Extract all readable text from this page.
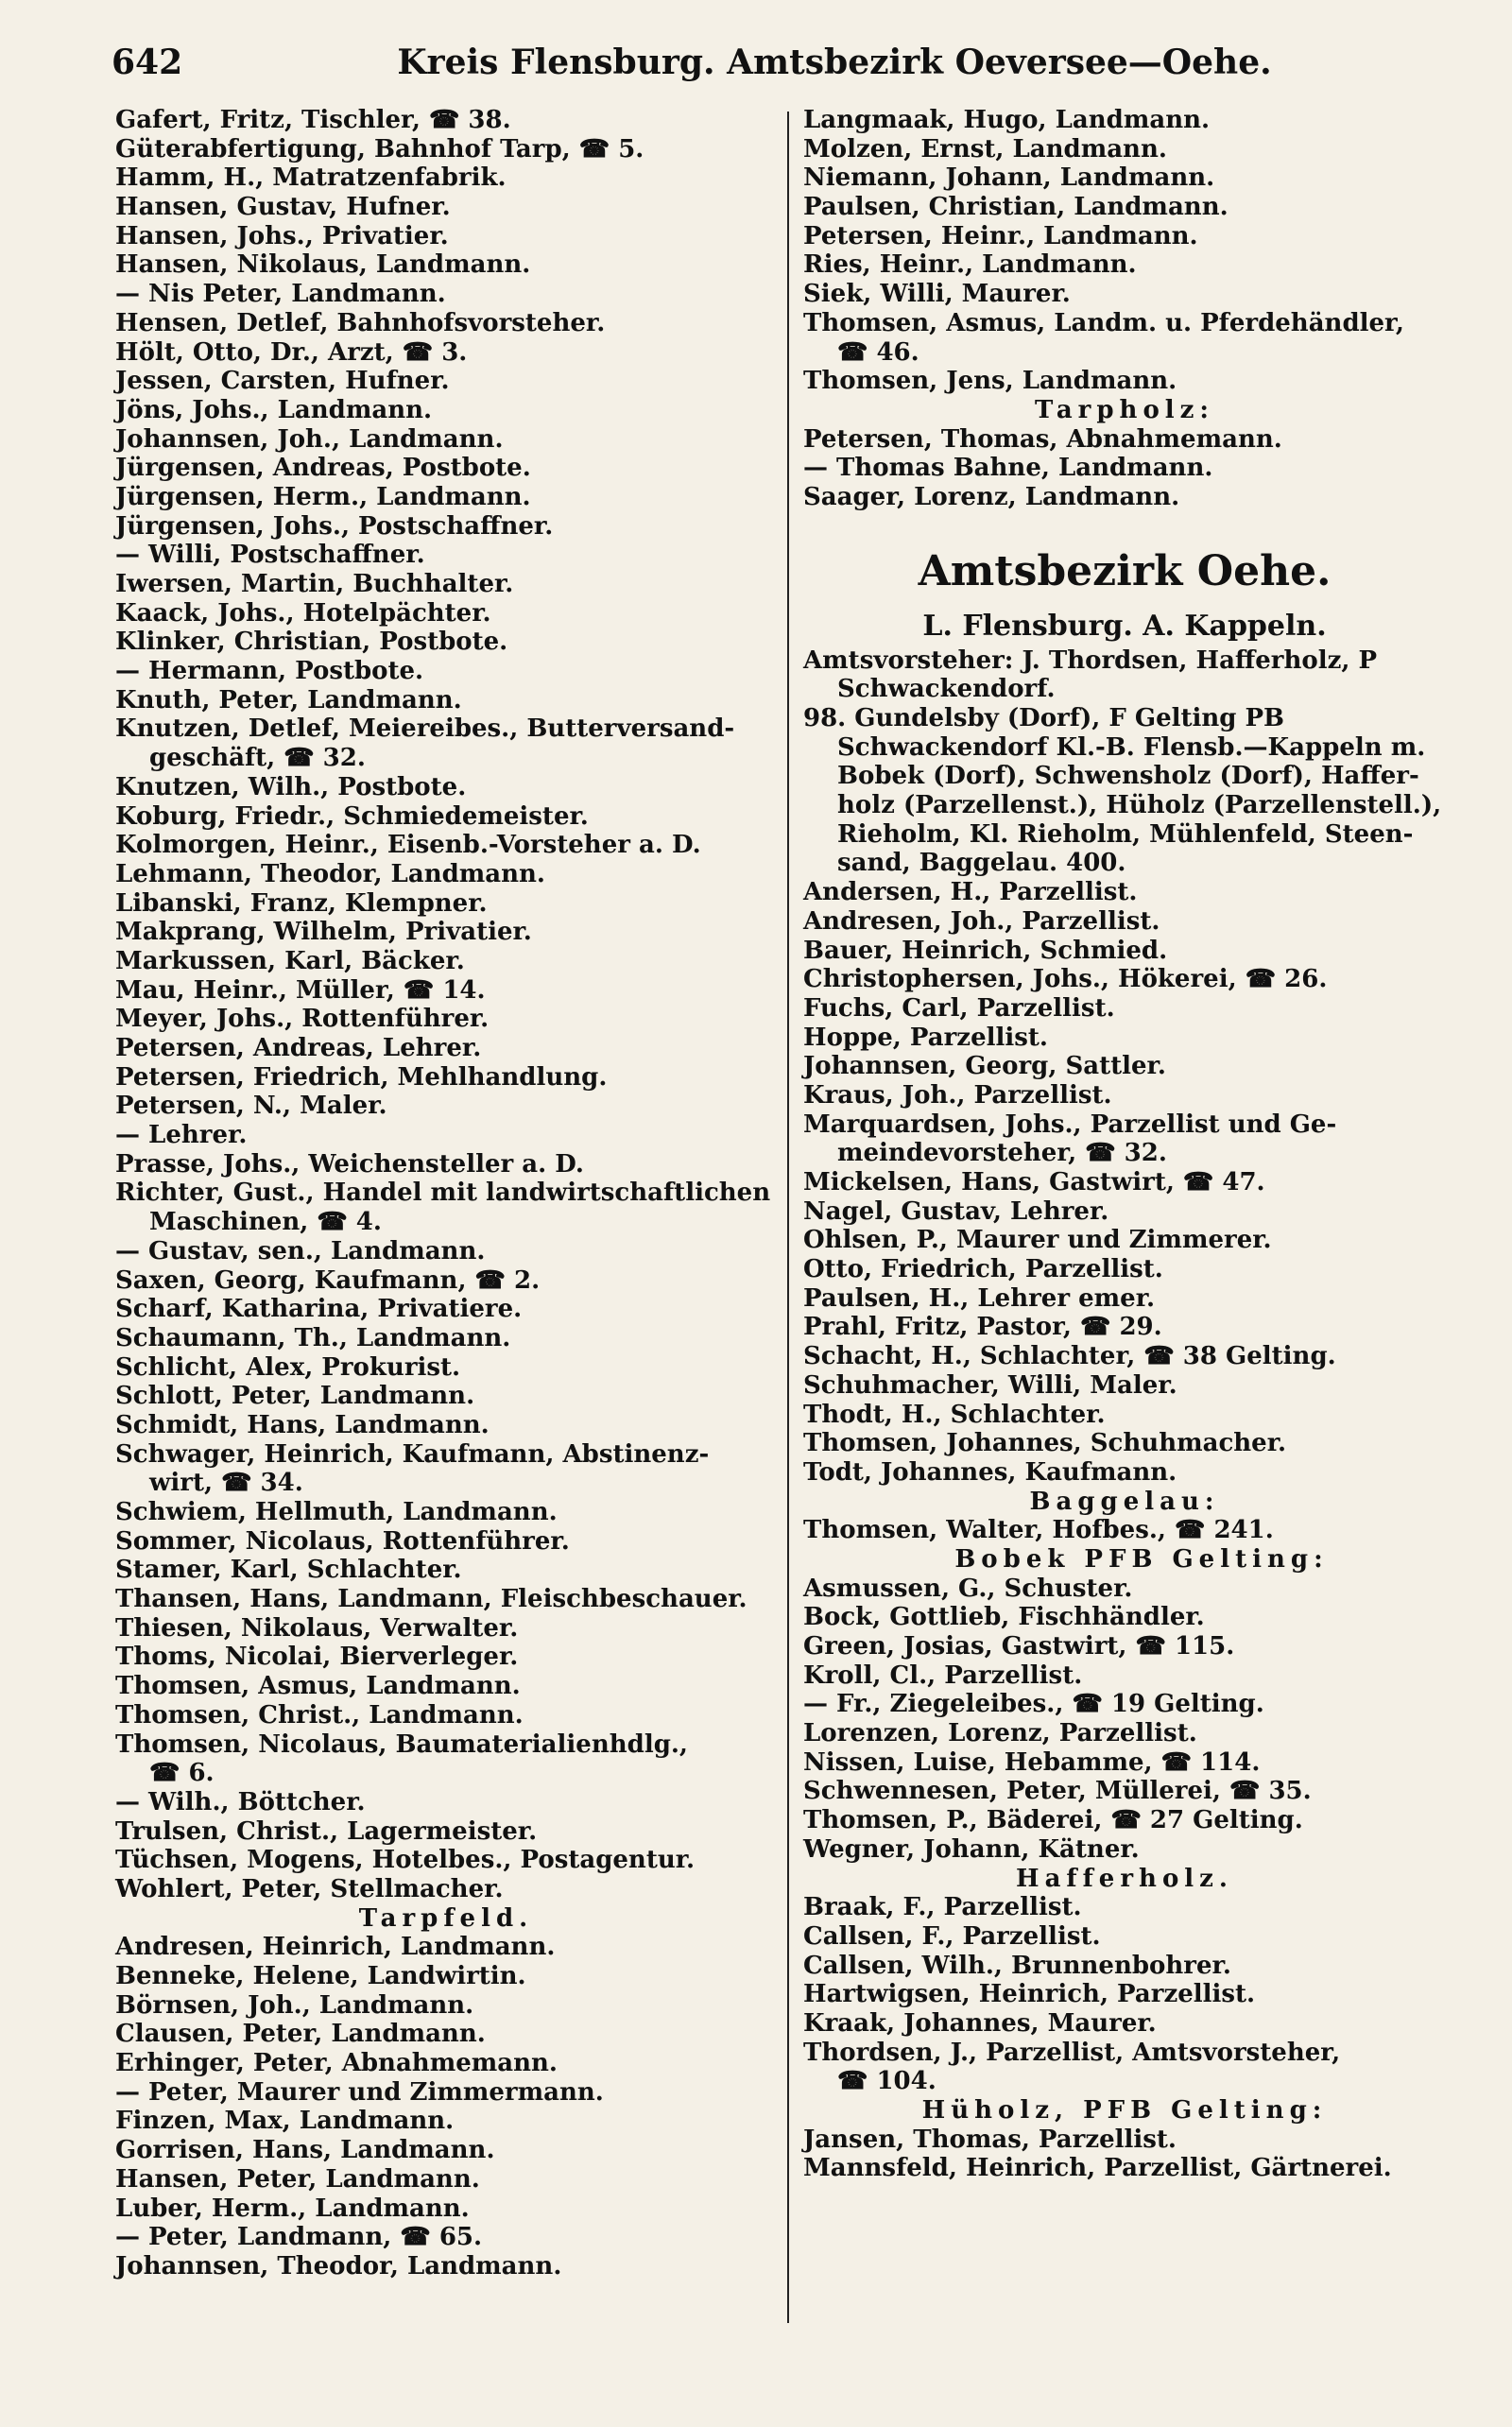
642	Kreis Flensburg. Amtsbezirk Oeversee—Oehe.
Gafert, Fritz, Tischler, ☎ 38.
Güterabfertigung, Bahnhof Tarp, ☎ 5.
Hamm, H., Matratzenfabrik.
Hansen, Gustav, Hufner.
Hansen, Johs., Privatier.
Hansen, Nikolaus, Landmann.
— Nis Peter, Landmann.
Hensen, Detlef, Bahnhofsvorsteher.
Hölt, Otto, Dr., Arzt, ☎ 3.
Jessen, Carsten, Hufner.
Jöns, Johs., Landmann.
Johannsen, Joh., Landmann.
Jürgensen, Andreas, Postbote.
Jürgensen, Herm., Landmann.
Jürgensen, Johs., Postschaffner.
— Willi, Postschaffner.
Iwersen, Martin, Buchhalter.
Kaack, Johs., Hotelpächter.
Klinker, Christian, Postbote.
— Hermann, Postbote.
Knuth, Peter, Landmann.
Knutzen, Detlef, Meiereibes., Butterversand-
geschäft, ☎ 32.
Knutzen, Wilh., Postbote.
Koburg, Friedr., Schmiedemeister.
Kolmorgen, Heinr., Eisenb.-Vorsteher a. D.
Lehmann, Theodor, Landmann.
Libanski, Franz, Klempner.
Makprang, Wilhelm, Privatier.
Markussen, Karl, Bäcker.
Mau, Heinr., Müller, ☎ 14.
Meyer, Johs., Rottenführer.
Petersen, Andreas, Lehrer.
Petersen, Friedrich, Mehlhandlung.
Petersen, N., Maler.
— Lehrer.
Prasse, Johs., Weichensteller a. D.
Richter, Gust., Handel mit landwirtschaftlichen
Maschinen, ☎ 4.
— Gustav, sen., Landmann.
Saxen, Georg, Kaufmann, ☎ 2.
Scharf, Katharina, Privatiere.
Schaumann, Th., Landmann.
Schlicht, Alex, Prokurist.
Schlott, Peter, Landmann.
Schmidt, Hans, Landmann.
Schwager, Heinrich, Kaufmann, Abstinenz-
wirt, ☎ 34.
Schwiem, Hellmuth, Landmann.
Sommer, Nicolaus, Rottenführer.
Stamer, Karl, Schlachter.
Thansen, Hans, Landmann, Fleischbeschauer.
Thiesen, Nikolaus, Verwalter.
Thoms, Nicolai, Bierverleger.
Thomsen, Asmus, Landmann.
Thomsen, Christ., Landmann.
Thomsen, Nicolaus, Baumaterialienhdlg.,
☎ 6.
— Wilh., Böttcher.
Trulsen, Christ., Lagermeister.
Tüchsen, Mogens, Hotelbes., Postagentur.
Wohlert, Peter, Stellmacher.
Tarpfeld.
Andresen, Heinrich, Landmann.
Benneke, Helene, Landwirtin.
Börnsen, Joh., Landmann.
Clausen, Peter, Landmann.
Erhinger, Peter, Abnahmemann.
— Peter, Maurer und Zimmermann.
Finzen, Max, Landmann.
Gorrisen, Hans, Landmann.
Hansen, Peter, Landmann.
Luber, Herm., Landmann.
— Peter, Landmann, ☎ 65.
Johannsen, Theodor, Landmann.
Langmaak, Hugo, Landmann.
Molzen, Ernst, Landmann.
Niemann, Johann, Landmann.
Paulsen, Christian, Landmann.
Petersen, Heinr., Landmann.
Ries, Heinr., Landmann.
Siek, Willi, Maurer.
Thomsen, Asmus, Landm. u. Pferdehändler,
☎ 46.
Thomsen, Jens, Landmann.
Tarpholz:
Petersen, Thomas, Abnahmemann.
— Thomas Bahne, Landmann.
Saager, Lorenz, Landmann.
Amtsbezirk Oehe.
L. Flensburg. A. Kappeln.
Amtsvorsteher: J. Thordsen, Hafferholz, P
Schwackendorf.
98. Gundelsby (Dorf), F Gelting PB
Schwackendorf Kl.-B. Flensb.—Kappeln m.
Bobek (Dorf), Schwensholz (Dorf), Haffer-
holz (Parzellenst.), Hüholz (Parzellenstell.),
Rieholm, Kl. Rieholm, Mühlenfeld, Steen-
sand, Baggelau. 400.
Andersen, H., Parzellist.
Andresen, Joh., Parzellist.
Bauer, Heinrich, Schmied.
Christophersen, Johs., Hökerei, ☎ 26.
Fuchs, Carl, Parzellist.
Hoppe, Parzellist.
Johannsen, Georg, Sattler.
Kraus, Joh., Parzellist.
Marquardsen, Johs., Parzellist und Ge-
meindevorsteher, ☎ 32.
Mickelsen, Hans, Gastwirt, ☎ 47.
Nagel, Gustav, Lehrer.
Ohlsen, P., Maurer und Zimmerer.
Otto, Friedrich, Parzellist.
Paulsen, H., Lehrer emer.
Prahl, Fritz, Pastor, ☎ 29.
Schacht, H., Schlachter, ☎ 38 Gelting.
Schuhmacher, Willi, Maler.
Thodt, H., Schlachter.
Thomsen, Johannes, Schuhmacher.
Todt, Johannes, Kaufmann.
Baggelau:
Thomsen, Walter, Hofbes., ☎ 241.
Bobek PFB Gelting:
Asmussen, G., Schuster.
Bock, Gottlieb, Fischhändler.
Green, Josias, Gastwirt, ☎ 115.
Kroll, Cl., Parzellist.
— Fr., Ziegeleibes., ☎ 19 Gelting.
Lorenzen, Lorenz, Parzellist.
Nissen, Luise, Hebamme, ☎ 114.
Schwennesen, Peter, Müllerei, ☎ 35.
Thomsen, P., Bäderei, ☎ 27 Gelting.
Wegner, Johann, Kätner.
Hafferholz.
Braak, F., Parzellist.
Callsen, F., Parzellist.
Callsen, Wilh., Brunnenbohrer.
Hartwigsen, Heinrich, Parzellist.
Kraak, Johannes, Maurer.
Thordsen, J., Parzellist, Amtsvorsteher,
☎ 104.
Hüholz, PFB Gelting:
Jansen, Thomas, Parzellist.
Mannsfeld, Heinrich, Parzellist, Gärtnerei.
